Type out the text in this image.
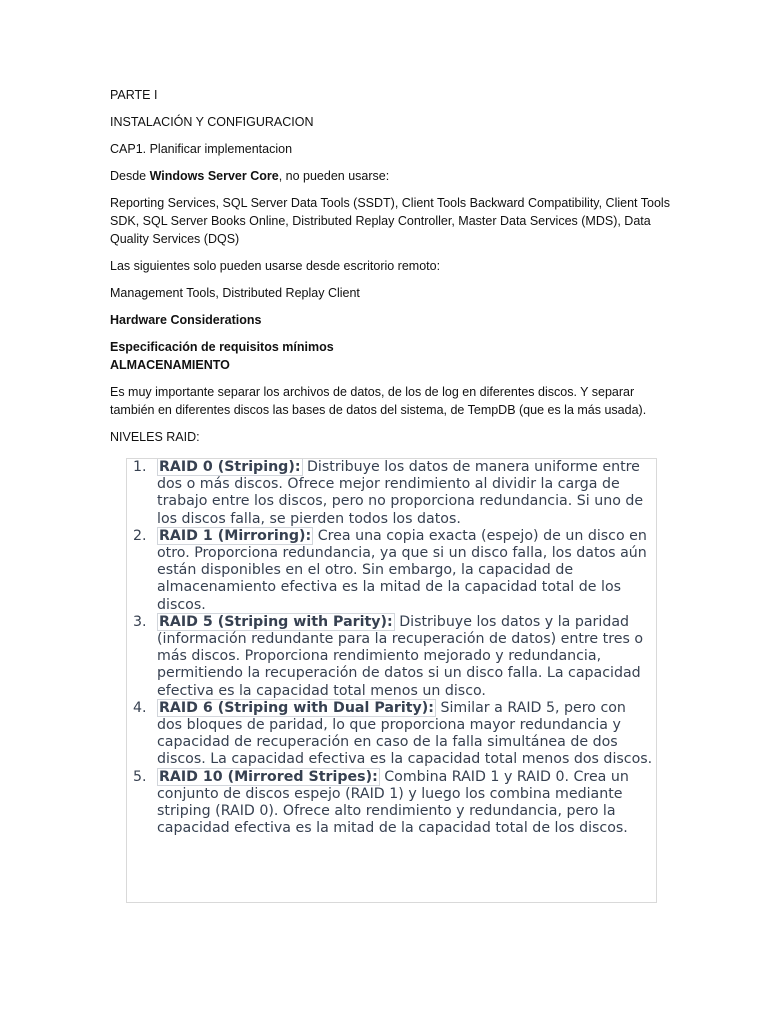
PARTE I

INSTALACIÓN Y CONFIGURACION

CAP1. Planificar implementacion

Desde Windows Server Core, no pueden usarse:

Reporting Services, SQL Server Data Tools (SSDT), Client Tools Backward Compatibility, Client Tools SDK, SQL Server Books Online, Distributed Replay Controller, Master Data Services (MDS), Data Quality Services (DQS)

Las siguientes solo pueden usarse desde escritorio remoto:

Management Tools, Distributed Replay Client

Hardware Considerations

Especificación de requisitos mínimos

ALMACENAMIENTO

Es muy importante separar los archivos de datos, de los de log en diferentes discos. Y separar también en diferentes discos las bases de datos del sistema, de TempDB (que es la más usada).

NIVELES RAID:

1. RAID 0 (Striping): Distribuye los datos de manera uniforme entre dos o más discos. Ofrece mejor rendimiento al dividir la carga de trabajo entre los discos, pero no proporciona redundancia. Si uno de los discos falla, se pierden todos los datos.
2. RAID 1 (Mirroring): Crea una copia exacta (espejo) de un disco en otro. Proporciona redundancia, ya que si un disco falla, los datos aún están disponibles en el otro. Sin embargo, la capacidad de almacenamiento efectiva es la mitad de la capacidad total de los discos.
3. RAID 5 (Striping with Parity): Distribuye los datos y la paridad (información redundante para la recuperación de datos) entre tres o más discos. Proporciona rendimiento mejorado y redundancia, permitiendo la recuperación de datos si un disco falla. La capacidad efectiva es la capacidad total menos un disco.
4. RAID 6 (Striping with Dual Parity): Similar a RAID 5, pero con dos bloques de paridad, lo que proporciona mayor redundancia y capacidad de recuperación en caso de la falla simultánea de dos discos. La capacidad efectiva es la capacidad total menos dos discos.
5. RAID 10 (Mirrored Stripes): Combina RAID 1 y RAID 0. Crea un conjunto de discos espejo (RAID 1) y luego los combina mediante striping (RAID 0). Ofrece alto rendimiento y redundancia, pero la capacidad efectiva es la mitad de la capacidad total de los discos.
